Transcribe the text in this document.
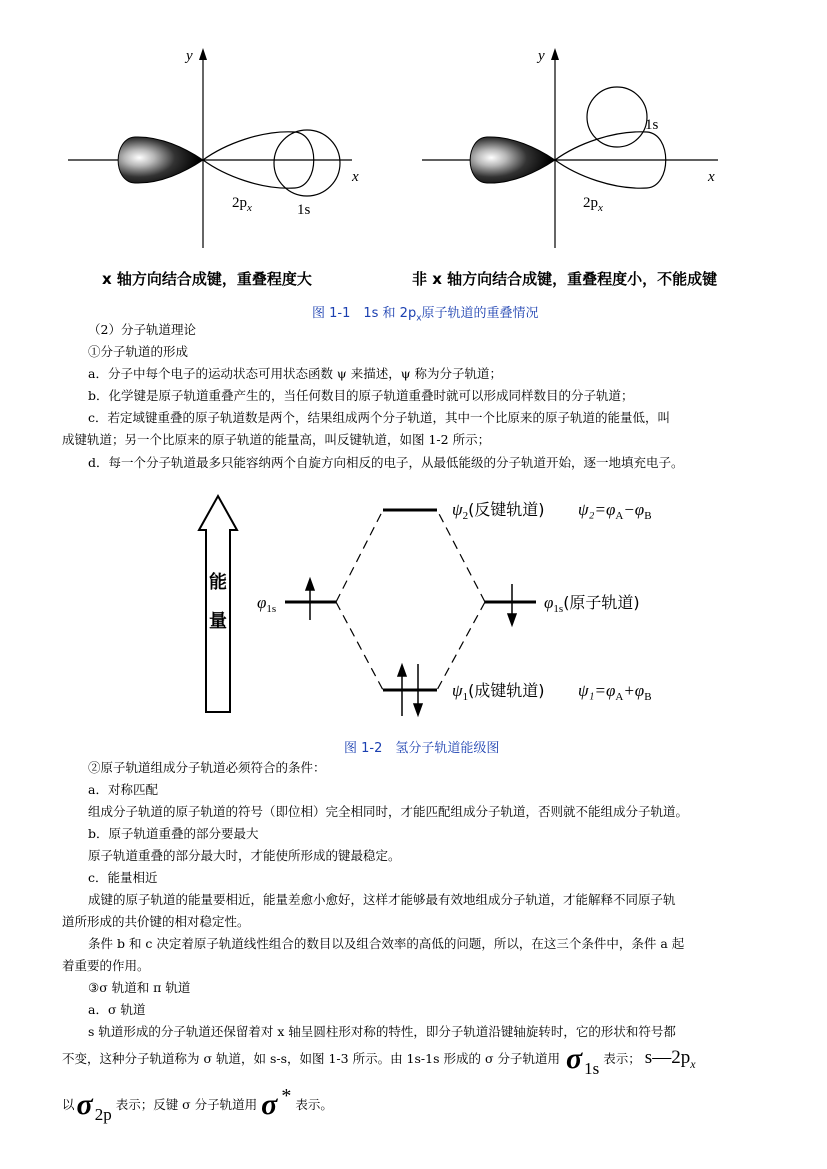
x
y
$2p_x$	1s
x
y
$2p_x$
1s
x 轴方向结合成键，重叠程度大	非 x 轴方向结合成键，重叠程度小，不能成键
图 1-1　1s 和 $2p_x$原子轨道的重叠情况
（2）分子轨道理论
①分子轨道的形成
a．分子中每个电子的运动状态可用状态函数 ψ 来描述，ψ 称为分子轨道；
b．化学键是原子轨道重叠产生的，当任何数目的原子轨道重叠时就可以形成同样数目的分子轨道；
c．若定域键重叠的原子轨道数是两个，结果组成两个分子轨道，其中一个比原来的原子轨道的能量低，叫
成键轨道；另一个比原来的原子轨道的能量高，叫反键轨道，如图 1-2 所示；
d．每一个分子轨道最多只能容纳两个自旋方向相反的电子，从最低能级的分子轨道开始，逐一地填充电子。
能
量
$\varphi_{1s}$	$\varphi_{1s}$(原子轨道)
$\psi_2$(反键轨道) $\psi_2=\varphi_A-\varphi_B$
$\psi_1$(成键轨道) $\psi_1=\varphi_A+\varphi_B$
图 1-2　氢分子轨道能级图
②原子轨道组成分子轨道必须符合的条件：
a．对称匹配
组成分子轨道的原子轨道的符号（即位相）完全相同时，才能匹配组成分子轨道，否则就不能组成分子轨道。
b．原子轨道重叠的部分要最大
原子轨道重叠的部分最大时，才能使所形成的键最稳定。
c．能量相近
成键的原子轨道的能量要相近，能量差愈小愈好，这样才能够最有效地组成分子轨道，才能解释不同原子轨
道所形成的共价键的相对稳定性。
条件 b 和 c 决定着原子轨道线性组合的数目以及组合效率的高低的问题，所以，在这三个条件中，条件 a 起
着重要的作用。
③σ 轨道和 π 轨道
a．σ 轨道
s 轨道形成的分子轨道还保留着对 x 轴呈圆柱形对称的特性，即分子轨道沿键轴旋转时，它的形状和符号都
不变，这种分子轨道称为 σ 轨道，如 s-s，如图 1-3 所示。由 1s-1s 形成的 σ 分子轨道用 σ 1s表示； $s—2p_x$
以σ 2p表示；反键 σ 分子轨道用 σ * 表示。
